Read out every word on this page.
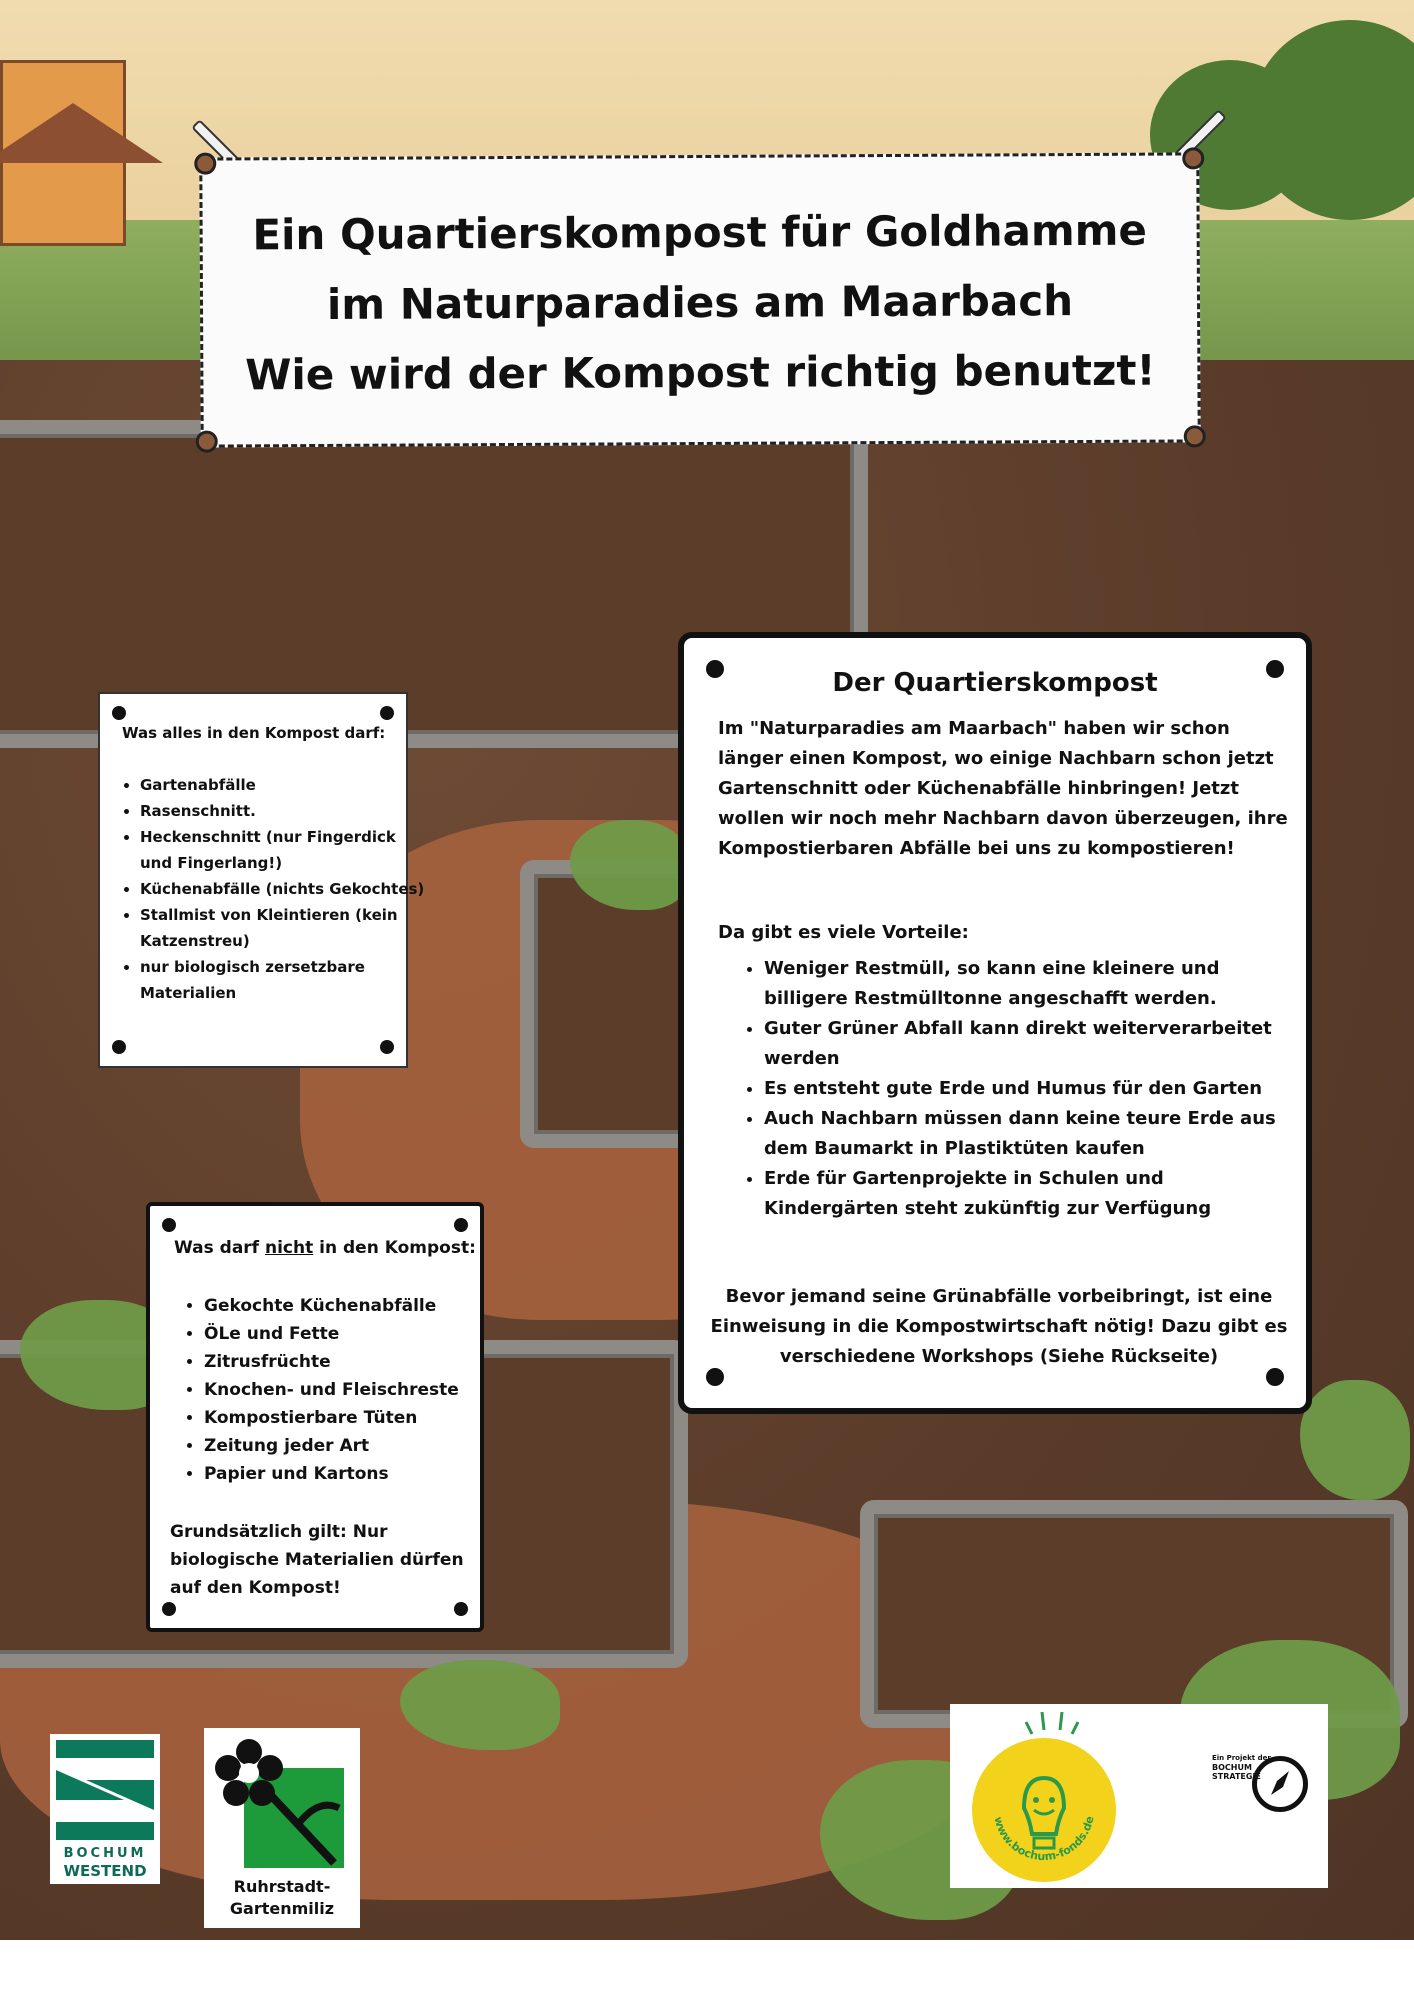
Ein Quartierskompost für Goldhamme
im Naturparadies am Maarbach
Wie wird der Kompost richtig benutzt!
Was alles in den Kompost darf:
• Gartenabfälle
• Rasenschnitt.
• Heckenschnitt (nur Fingerdick und Fingerlang!)
• Küchenabfälle (nichts Gekochtes)
• Stallmist von Kleintieren (kein Katzenstreu)
• nur biologisch zersetzbare Materialien
Was darf nicht in den Kompost:
• Gekochte Küchenabfälle
• ÖLe und Fette
• Zitrusfrüchte
• Knochen- und Fleischreste
• Kompostierbare Tüten
• Zeitung jeder Art
• Papier und Kartons
Grundsätzlich gilt: Nur biologische Materialien dürfen auf den Kompost!
Der Quartierskompost
Im "Naturparadies am Maarbach" haben wir schon länger einen Kompost, wo einige Nachbarn schon jetzt Gartenschnitt oder Küchenabfälle hinbringen! Jetzt wollen wir noch mehr Nachbarn davon überzeugen, ihre Kompostierbaren Abfälle bei uns zu kompostieren!
Da gibt es viele Vorteile:
• Weniger Restmüll, so kann eine kleinere und billigere Restmülltonne angeschafft werden.
• Guter Grüner Abfall kann direkt weiterverarbeitet werden
• Es entsteht gute Erde und Humus für den Garten
• Auch Nachbarn müssen dann keine teure Erde aus dem Baumarkt in Plastiktüten kaufen
• Erde für Gartenprojekte in Schulen und Kindergärten steht zukünftig zur Verfügung
Bevor jemand seine Grünabfälle vorbeibringt, ist eine Einweisung in die Kompostwirtschaft nötig! Dazu gibt es verschiedene Workshops (Siehe Rückseite)
BOCHUM
WESTEND
Ruhrstadt-
Gartenmiliz
www.bochum-fonds.de
Ein Projekt der
BOCHUM
STRATEGIE
